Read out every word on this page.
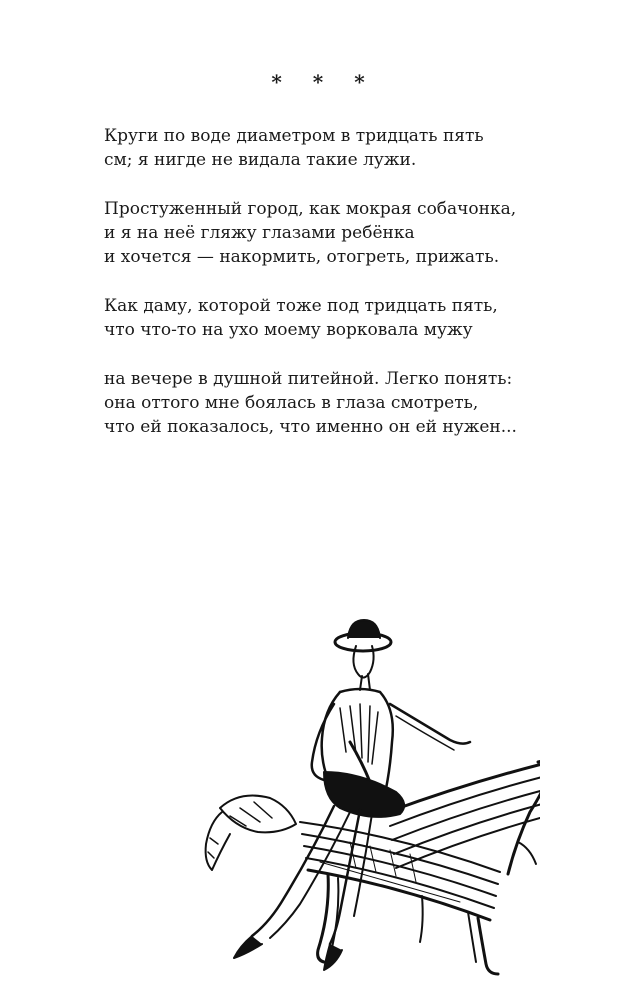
* * *
Круги по воде диаметром в тридцать пять
см; я нигде не видала такие лужи.
Простуженный город, как мокрая собачонка,
и я на неё гляжу глазами ребёнка
и хочется — накормить, отогреть, прижать.
Как даму, которой тоже под тридцать пять,
что что-то на ухо моему ворковала мужу
на вечере в душной питейной. Легко понять:
она оттого мне боялась в глаза смотреть,
что ей показалось, что именно он ей нужен...
